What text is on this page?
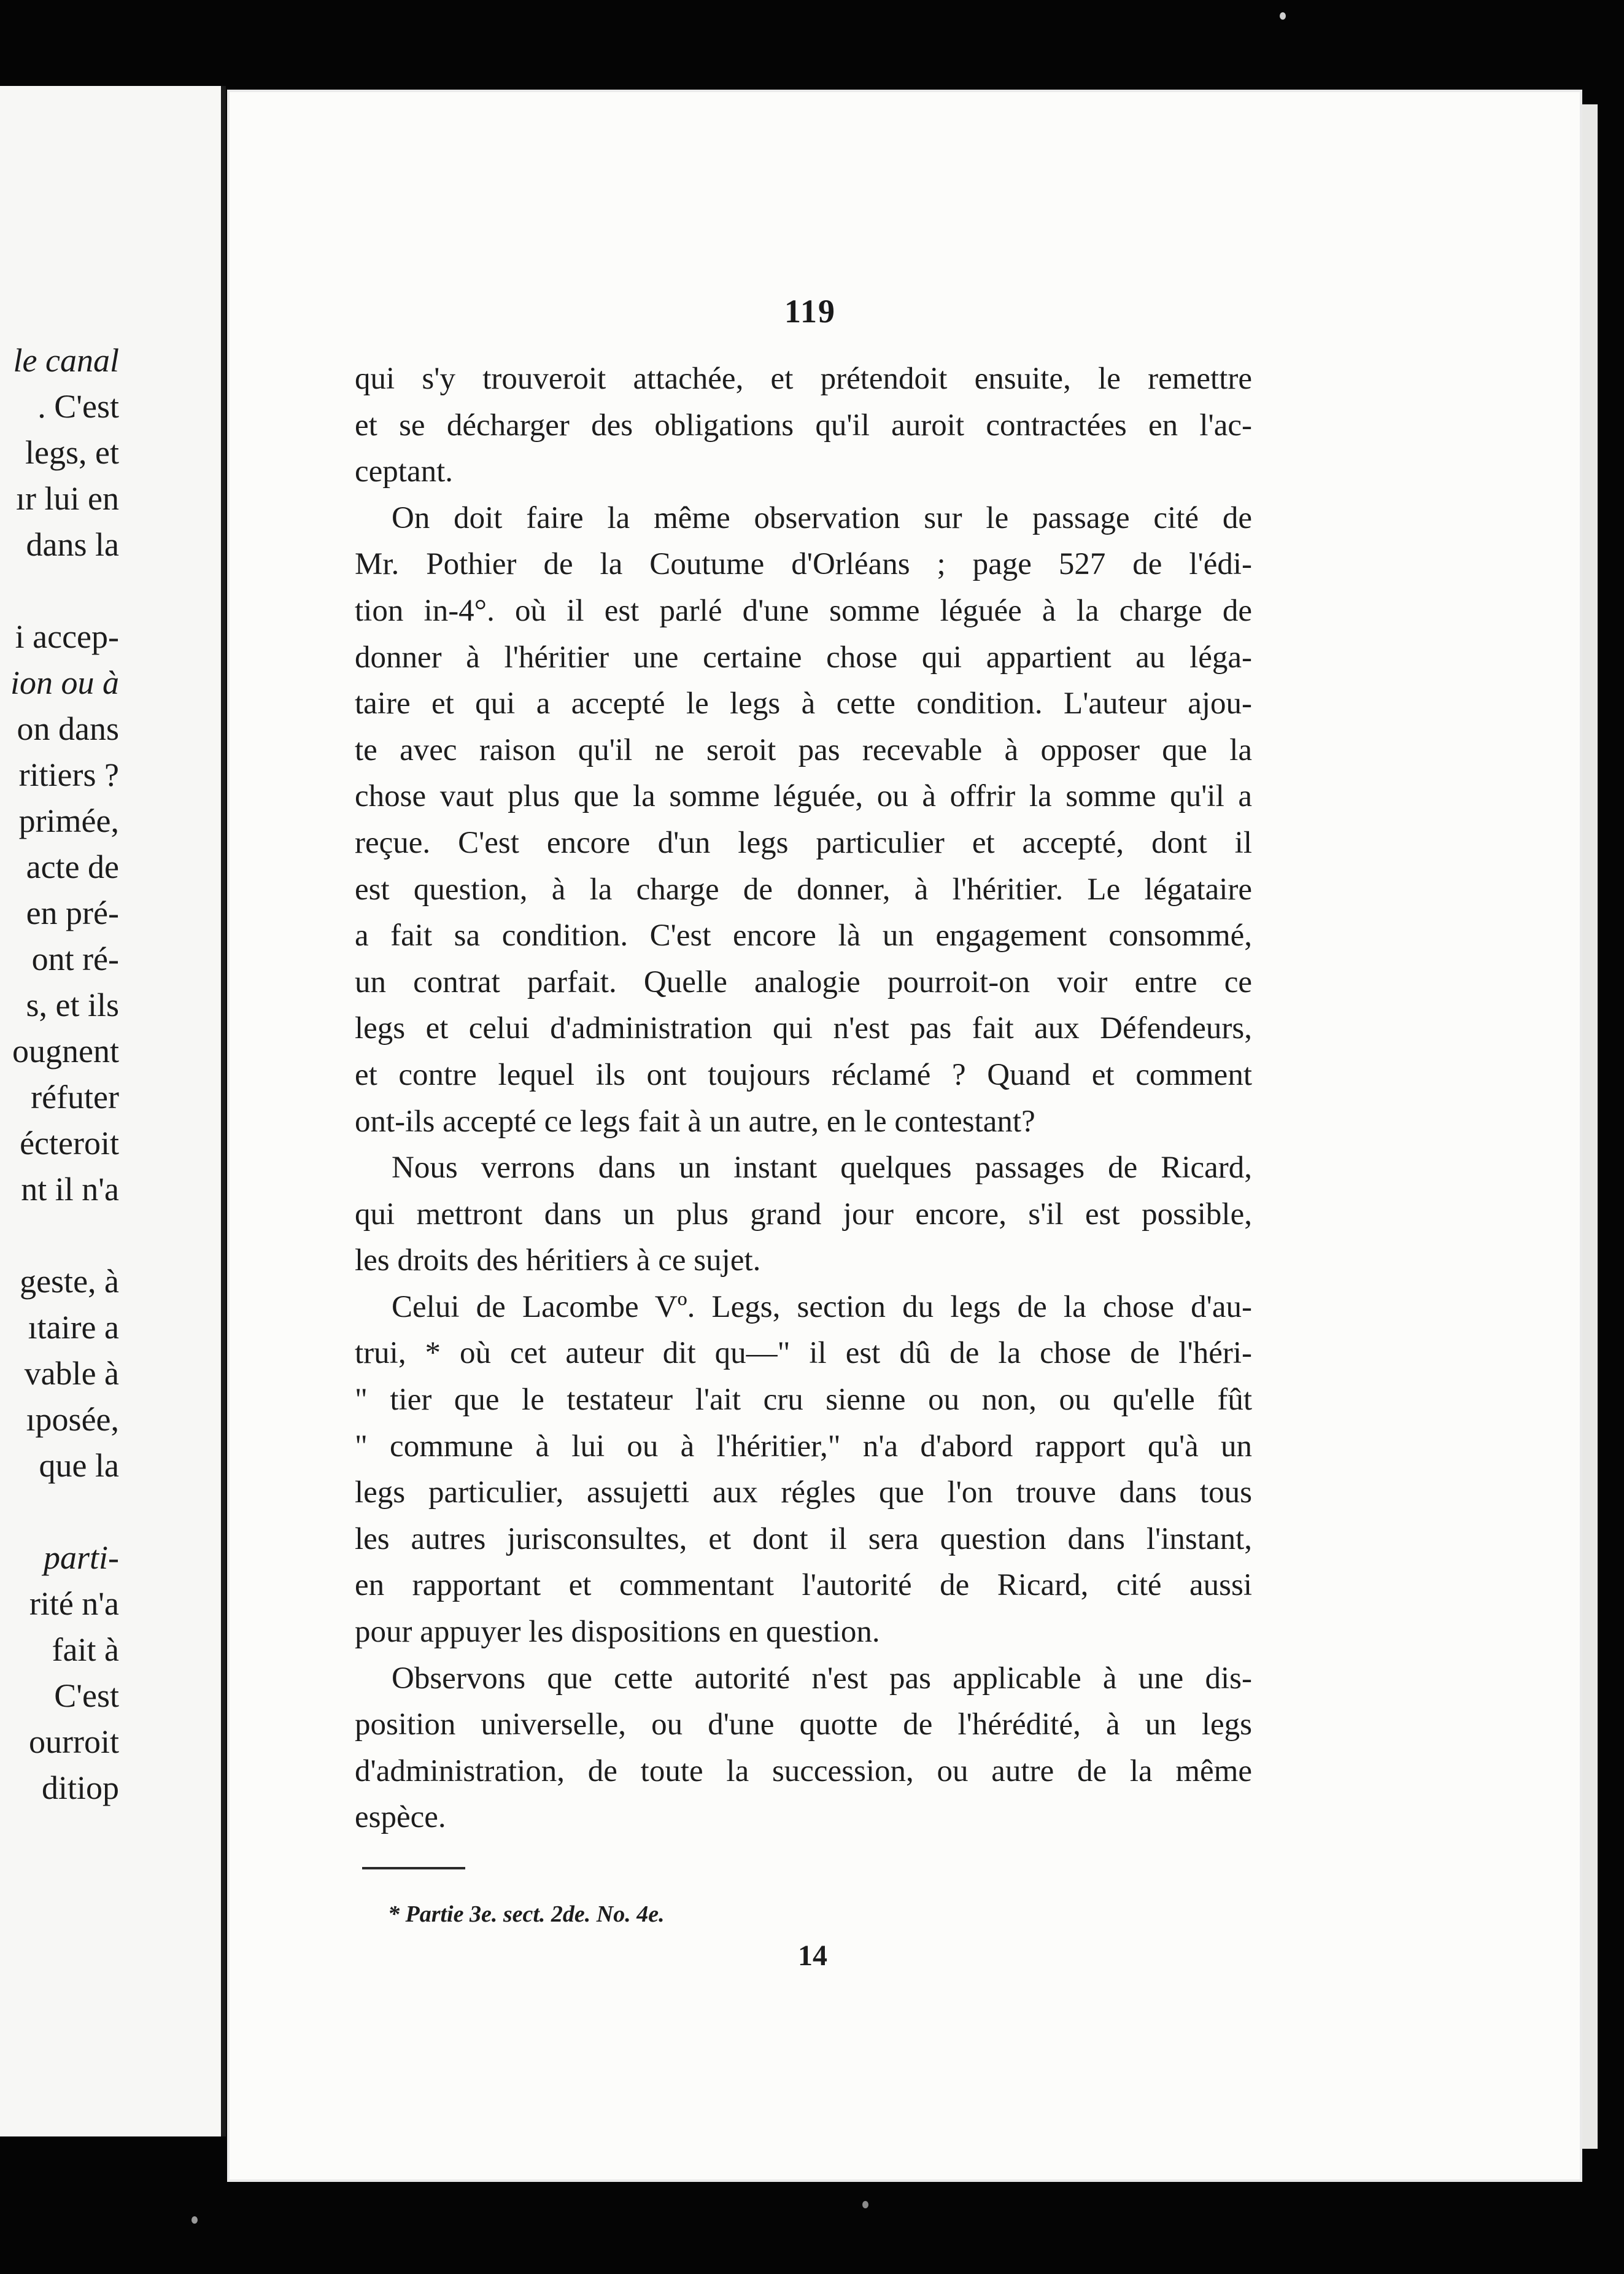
le canal
. C'est
legs, et
ır lui en
dans la
i accep-
ion ou à
on dans
ritiers ?
primée,
acte de
en pré-
ont ré-
s, et ils
ougnent
réfuter
écteroit
nt il n'a
geste, à
ıtaire a
vable à
ıposée,
que la
parti-
rité n'a
fait à
C'est
ourroit
ditiop
119
qui s'y trouveroit attachée, et prétendoit ensuite, le remettre
et se décharger des obligations qu'il auroit contractées en l'ac-
ceptant.
On doit faire la même observation sur le passage cité de
Mr. Pothier de la Coutume d'Orléans ; page 527 de l'édi-
tion in-4°. où il est parlé d'une somme léguée à la charge de
donner à l'héritier une certaine chose qui appartient au léga-
taire et qui a accepté le legs à cette condition. L'auteur ajou-
te avec raison qu'il ne seroit pas recevable à opposer que la
chose vaut plus que la somme léguée, ou à offrir la somme qu'il a
reçue. C'est encore d'un legs particulier et accepté, dont il
est question, à la charge de donner, à l'héritier. Le légataire
a fait sa condition. C'est encore là un engagement consommé,
un contrat parfait. Quelle analogie pourroit-on voir entre ce
legs et celui d'administration qui n'est pas fait aux Défendeurs,
et contre lequel ils ont toujours réclamé ? Quand et comment
ont-ils accepté ce legs fait à un autre, en le contestant?
Nous verrons dans un instant quelques passages de Ricard,
qui mettront dans un plus grand jour encore, s'il est possible,
les droits des héritiers à ce sujet.
Celui de Lacombe Vº. Legs, section du legs de la chose d'au-
trui, * où cet auteur dit qu—" il est dû de la chose de l'héri-
" tier que le testateur l'ait cru sienne ou non, ou qu'elle fût
" commune à lui ou à l'héritier," n'a d'abord rapport qu'à un
legs particulier, assujetti aux régles que l'on trouve dans tous
les autres jurisconsultes, et dont il sera question dans l'instant,
en rapportant et commentant l'autorité de Ricard, cité aussi
pour appuyer les dispositions en question.
Observons que cette autorité n'est pas applicable à une dis-
position universelle, ou d'une quotte de l'hérédité, à un legs
d'administration, de toute la succession, ou autre de la même
espèce.
* Partie 3e. sect. 2de. No. 4e.
14
